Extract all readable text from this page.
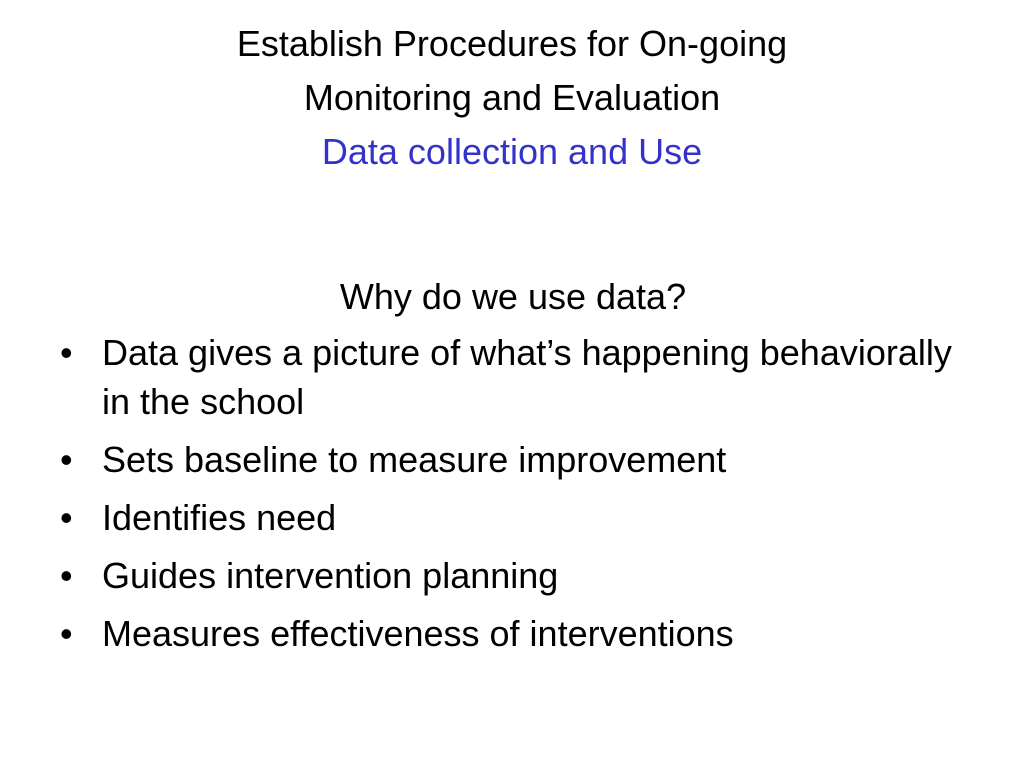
Establish Procedures for On-going
Monitoring and Evaluation
Data collection and Use
Why do we use data?
• Data gives a picture of what’s happening behaviorally in the school
• Sets baseline to measure improvement
• Identifies need
• Guides intervention planning
• Measures effectiveness of interventions
